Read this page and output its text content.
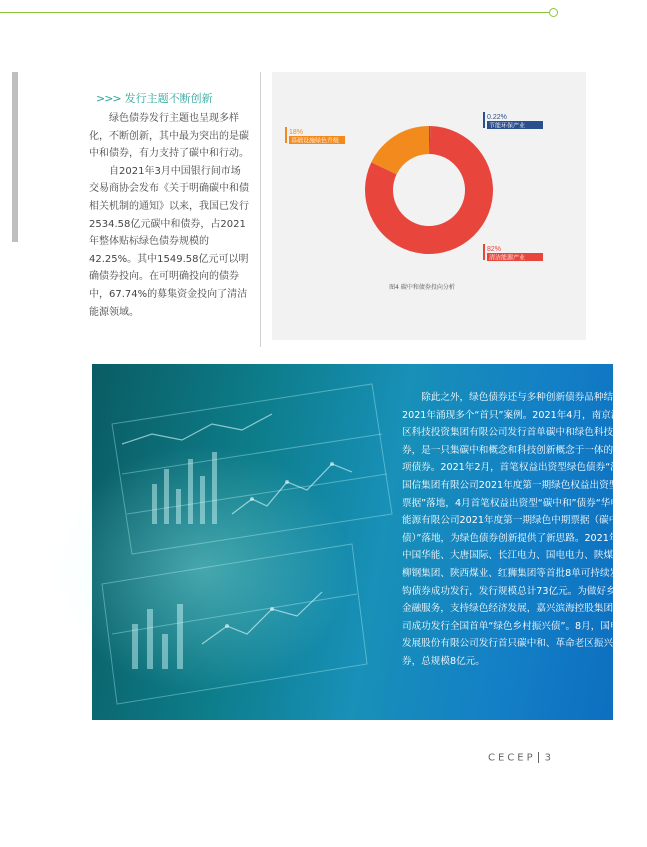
>>> 发行主题不断创新

绿色债券发行主题也呈现多样化，不断创新，其中最为突出的是碳中和债券，有力支持了碳中和行动。

自2021年3月中国银行间市场交易商协会发布《关于明确碳中和债相关机制的通知》以来，我国已发行2534.58亿元碳中和债券，占2021年整体贴标绿色债券规模的42.25%。其中1549.58亿元可以明确债券投向。在可明确投向的债券中，67.74%的募集资金投向了清洁能源领域。

82%
清洁能源产业
18%
基础设施绿色升级
0.22%
节能环保产业
图4 碳中和债券投向分析

除此之外，绿色债券还与多种创新债券品种结合，在2021年涌现多个“首只”案例。2021年4月，南京江北新区科技投资集团有限公司发行首单碳中和绿色科技创新债券，是一只集碳中和概念和科技创新概念于一体的双料专项债券。2021年2月，首笔权益出资型绿色债券“江苏省国信集团有限公司2021年度第一期绿色权益出资型中期票据”落地，4月首笔权益出资型“碳中和”债券“华电福新能源有限公司2021年度第一期绿色中期票据（碳中和债）”落地，为绿色债券创新提供了新思路。2021年5月，中国华能、大唐国际、长江电力、国电电力、陕煤集团、柳钢集团、陕西煤业、红狮集团等首批8单可持续发展挂钩债券成功发行，发行规模总计73亿元。为做好乡村振兴金融服务，支持绿色经济发展，嘉兴滨海控股集团有限公司成功发行全国首单“绿色乡村振兴债”。8月，国电电力发展股份有限公司发行首只碳中和、革命老区振兴双标债券，总规模8亿元。

CECEP 3
